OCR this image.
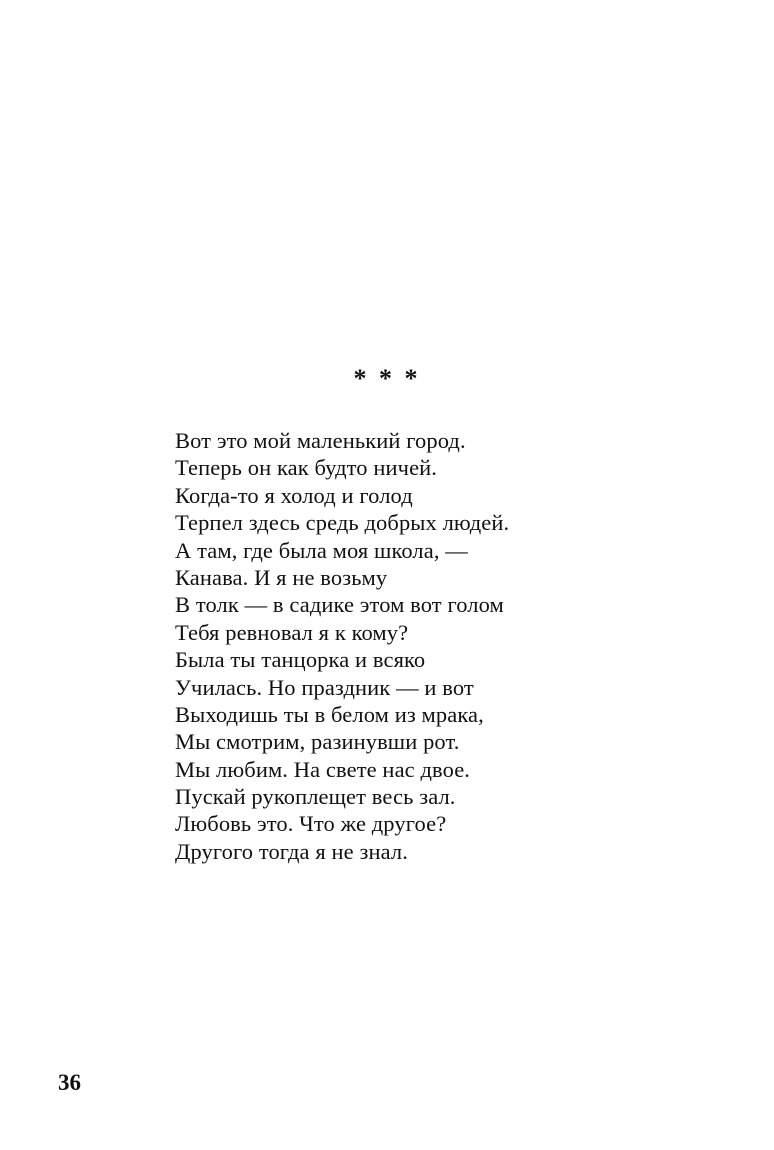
* * *
Вот это мой маленький город.
Теперь он как будто ничей.
Когда-то я холод и голод
Терпел здесь средь добрых людей.
А там, где была моя школа, —
Канава. И я не возьму
В толк — в садике этом вот голом
Тебя ревновал я к кому?
Была ты танцорка и всяко
Училась. Но праздник — и вот
Выходишь ты в белом из мрака,
Мы смотрим, разинувши рот.
Мы любим. На свете нас двое.
Пускай рукоплещет весь зал.
Любовь это. Что же другое?
Другого тогда я не знал.
36
